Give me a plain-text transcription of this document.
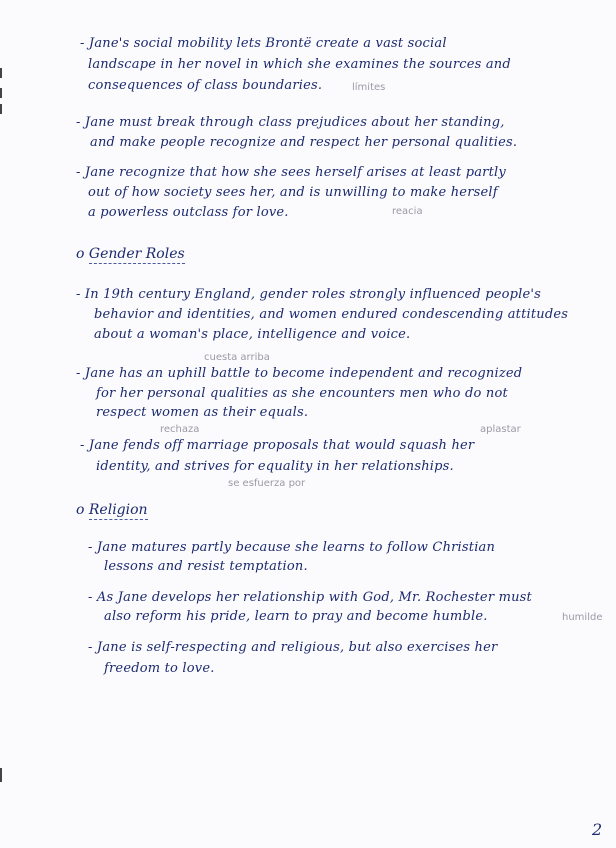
- Jane's social mobility lets Brontë create a vast social
landscape in her novel in which she examines the sources and
consequences of class boundaries.	límites
- Jane must break through class prejudices about her standing,
and make people recognize and respect her personal qualities.
- Jane recognize that how she sees herself arises at least partly
out of how society sees her, and is unwilling to make herself
a powerless outclass for love.	reacia
o Gender Roles
- In 19th century England, gender roles strongly influenced people's
behavior and identities, and women endured condescending attitudes
about a woman's place, intelligence and voice.
cuesta arriba
- Jane has an uphill battle to become independent and recognized
for her personal qualities as she encounters men who do not
respect women as their equals.
rechaza	aplastar
- Jane fends off marriage proposals that would squash her
identity, and strives for equality in her relationships.
se esfuerza por
o Religion
- Jane matures partly because she learns to follow Christian
lessons and resist temptation.
- As Jane develops her relationship with God, Mr. Rochester must
also reform his pride, learn to pray and become humble.	humilde
- Jane is self-respecting and religious, but also exercises her
freedom to love.
2
